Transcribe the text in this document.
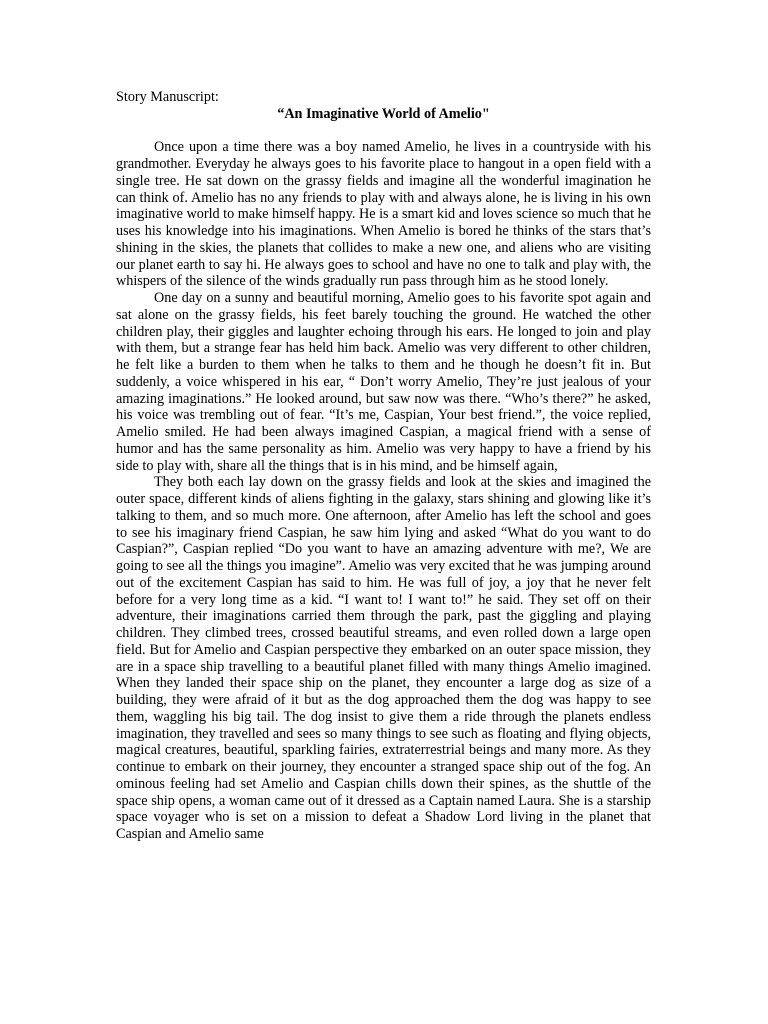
Story Manuscript:
“An Imaginative World of Amelio"

Once upon a time there was a boy named Amelio, he lives in a countryside with his grandmother. Everyday he always goes to his favorite place to hangout in a open field with a single tree. He sat down on the grassy fields and imagine all the wonderful imagination he can think of. Amelio has no any friends to play with and always alone, he is living in his own imaginative world to make himself happy. He is a smart kid and loves science so much that he uses his knowledge into his imaginations. When Amelio is bored he thinks of the stars that’s shining in the skies, the planets that collides to make a new one, and aliens who are visiting our planet earth to say hi. He always goes to school and have no one to talk and play with, the whispers of the silence of the winds gradually run pass through him as he stood lonely.

One day on a sunny and beautiful morning, Amelio goes to his favorite spot again and sat alone on the grassy fields, his feet barely touching the ground. He watched the other children play, their giggles and laughter echoing through his ears. He longed to join and play with them, but a strange fear has held him back. Amelio was very different to other children, he felt like a burden to them when he talks to them and he though he doesn’t fit in. But suddenly, a voice whispered in his ear, “ Don’t worry Amelio, They’re just jealous of your amazing imaginations.” He looked around, but saw now was there. “Who’s there?” he asked, his voice was trembling out of fear. “It’s me, Caspian, Your best friend.”, the voice replied, Amelio smiled. He had been always imagined Caspian, a magical friend with a sense of humor and has the same personality as him. Amelio was very happy to have a friend by his side to play with, share all the things that is in his mind, and be himself again,

They both each lay down on the grassy fields and look at the skies and imagined the outer space, different kinds of aliens fighting in the galaxy, stars shining and glowing like it’s talking to them, and so much more. One afternoon, after Amelio has left the school and goes to see his imaginary friend Caspian, he saw him lying and asked “What do you want to do Caspian?”, Caspian replied “Do you want to have an amazing adventure with me?, We are going to see all the things you imagine”. Amelio was very excited that he was jumping around out of the excitement Caspian has said to him. He was full of joy, a joy that he never felt before for a very long time as a kid. “I want to! I want to!” he said. They set off on their adventure, their imaginations carried them through the park, past the giggling and playing children. They climbed trees, crossed beautiful streams, and even rolled down a large open field. But for Amelio and Caspian perspective they embarked on an outer space mission, they are in a space ship travelling to a beautiful planet filled with many things Amelio imagined. When they landed their space ship on the planet, they encounter a large dog as size of a building, they were afraid of it but as the dog approached them the dog was happy to see them, waggling his big tail. The dog insist to give them a ride through the planets endless imagination, they travelled and sees so many things to see such as floating and flying objects, magical creatures, beautiful, sparkling fairies, extraterrestrial beings and many more. As they continue to embark on their journey, they encounter a stranged space ship out of the fog. An ominous feeling had set Amelio and Caspian chills down their spines, as the shuttle of the space ship opens, a woman came out of it dressed as a Captain named Laura. She is a starship space voyager who is set on a mission to defeat a Shadow Lord living in the planet that Caspian and Amelio same
